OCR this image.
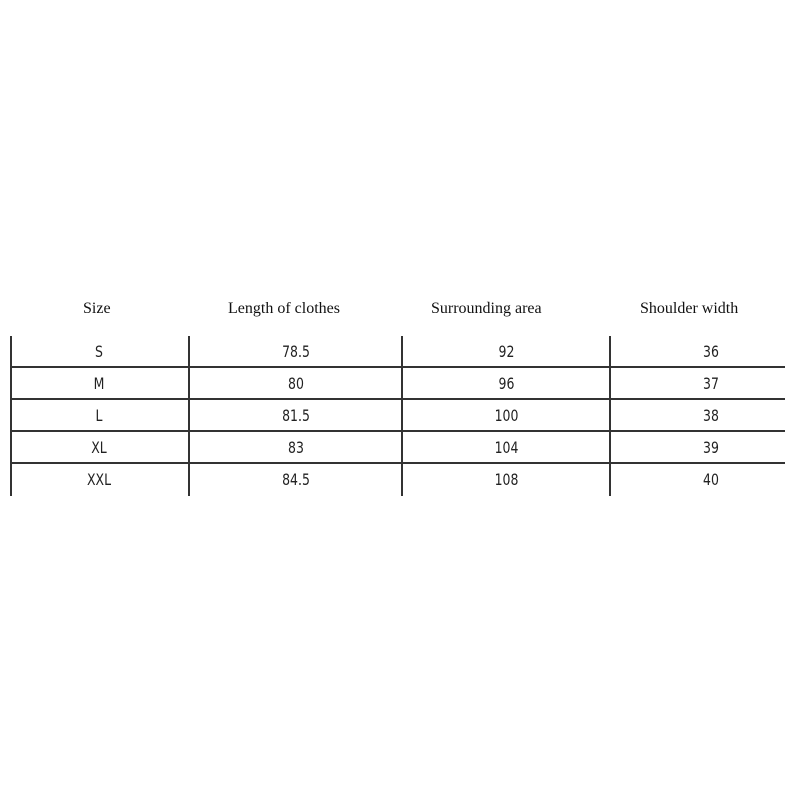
Size	Length of clothes	Surrounding area	Shoulder width
S	78.5	92	36
M	80	96	37
L	81.5	100	38
XL	83	104	39
XXL	84.5	108	40
